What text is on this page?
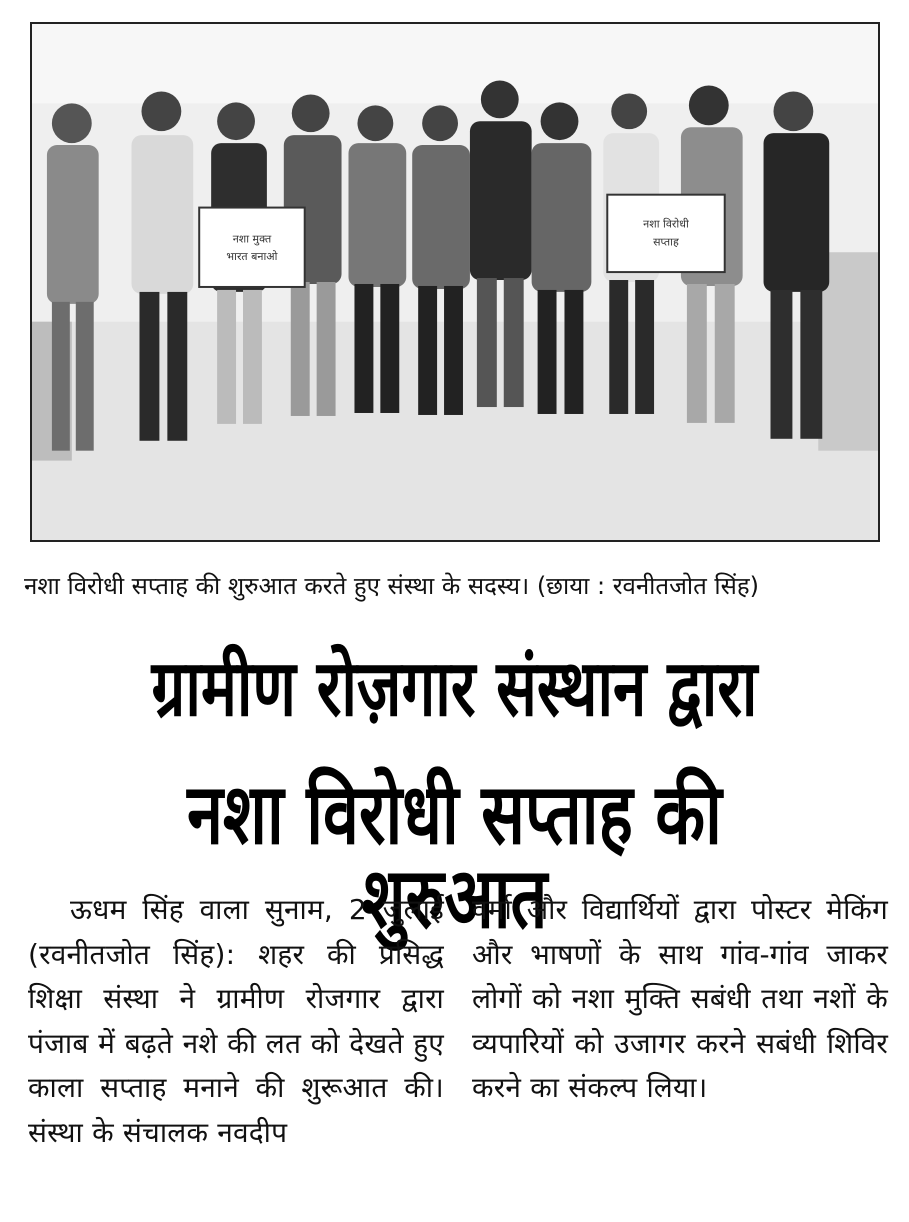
नशा मुक्त
भारत बनाओ
नशा विरोधी
सप्ताह
नशा विरोधी सप्ताह की शुरुआत करते हुए संस्था के सदस्य। (छाया : रवनीतजोत सिंह)
ग्रामीण रोज़गार संस्थान द्वारा
नशा विरोधी सप्ताह की शुरुआत

ऊधम सिंह वाला सुनाम, 2 जुलाई (रवनीतजोत सिंह): शहर की प्रसिद्ध शिक्षा संस्था ने ग्रामीण रोजगार द्वारा पंजाब में बढ़ते नशे की लत को देखते हुए काला सप्ताह मनाने की शुरूआत की। संस्था के संचालक नवदीप

वर्मा और विद्यार्थियों द्वारा पोस्टर मेकिंग और भाषणों के साथ गांव-गांव जाकर लोगों को नशा मुक्ति सबंधी तथा नशों के व्यपारियों को उजागर करने सबंधी शिविर करने का संकल्प लिया।
